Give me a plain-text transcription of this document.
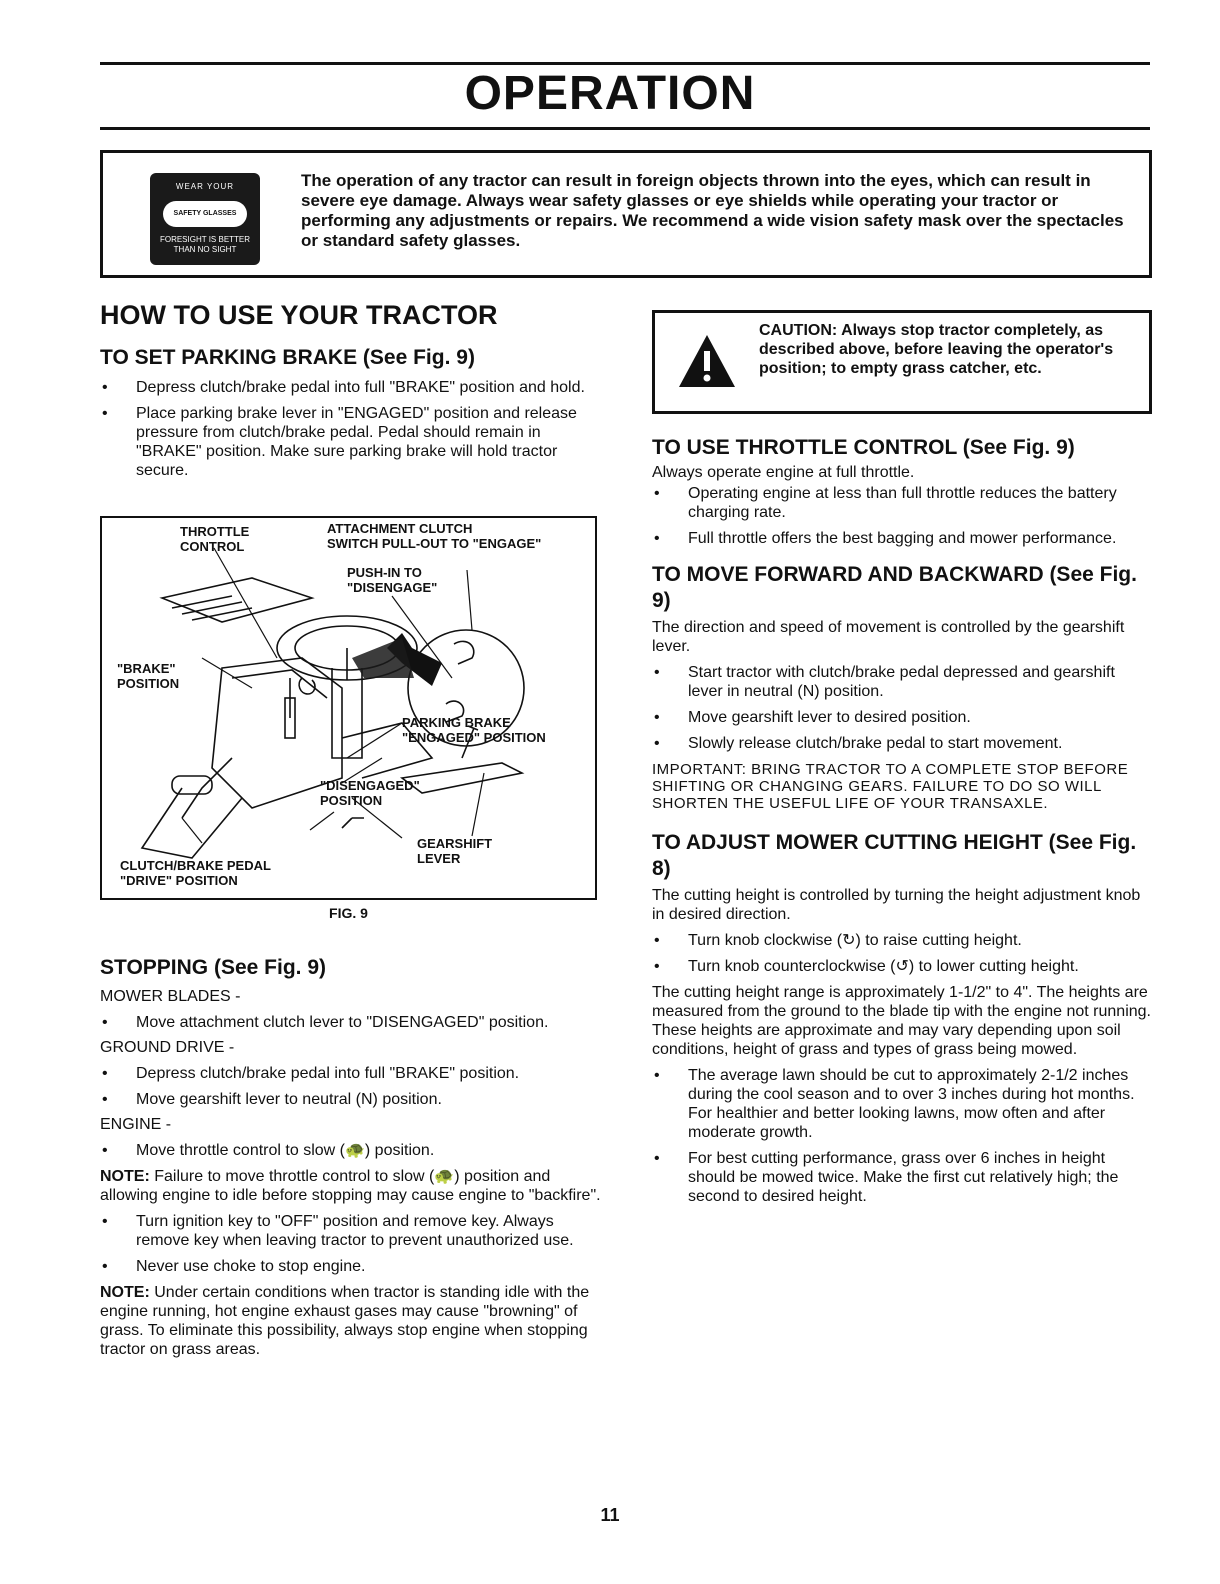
OPERATION
WEAR YOUR
SAFETY GLASSES
FORESIGHT IS BETTER THAN NO SIGHT
The operation of any tractor can result in foreign objects thrown into the eyes, which can result in severe eye damage. Always wear safety glasses or eye shields while operating your tractor or performing any adjustments or repairs. We recommend a wide vision safety mask over the spectacles or standard safety glasses.
HOW TO USE YOUR TRACTOR
TO SET PARKING BRAKE (See Fig. 9)
• Depress clutch/brake pedal into full "BRAKE" position and hold.
• Place parking brake lever in "ENGAGED" position and release pressure from clutch/brake pedal. Pedal should remain in "BRAKE" position. Make sure parking brake will hold tractor secure.
THROTTLE
CONTROL
ATTACHMENT CLUTCH
SWITCH PULL-OUT TO "ENGAGE"
PUSH-IN TO
"DISENGAGE"
"BRAKE"
POSITION
PARKING BRAKE
"ENGAGED" POSITION
"DISENGAGED"
POSITION
GEARSHIFT
LEVER
CLUTCH/BRAKE PEDAL
"DRIVE" POSITION
FIG. 9
STOPPING (See Fig. 9)

MOWER BLADES -

• Move attachment clutch lever to "DISENGAGED" position.

GROUND DRIVE -

• Depress clutch/brake pedal into full "BRAKE" position.
• Move gearshift lever to neutral (N) position.

ENGINE -

• Move throttle control to slow (🐢) position.

NOTE: Failure to move throttle control to slow (🐢) position and allowing engine to idle before stopping may cause engine to "backfire".

• Turn ignition key to "OFF" position and remove key. Always remove key when leaving tractor to prevent unauthorized use.
• Never use choke to stop engine.

NOTE: Under certain conditions when tractor is standing idle with the engine running, hot engine exhaust gases may cause "browning" of grass. To eliminate this possibility, always stop engine when stopping tractor on grass areas.

CAUTION: Always stop tractor completely, as described above, before leaving the operator's position; to empty grass catcher, etc.
TO USE THROTTLE CONTROL (See Fig. 9)

Always operate engine at full throttle.

• Operating engine at less than full throttle reduces the battery charging rate.
• Full throttle offers the best bagging and mower performance.
TO MOVE FORWARD AND BACKWARD (See Fig. 9)

The direction and speed of movement is controlled by the gearshift lever.

• Start tractor with clutch/brake pedal depressed and gearshift lever in neutral (N) position.
• Move gearshift lever to desired position.
• Slowly release clutch/brake pedal to start movement.

IMPORTANT: BRING TRACTOR TO A COMPLETE STOP BEFORE SHIFTING OR CHANGING GEARS. FAILURE TO DO SO WILL SHORTEN THE USEFUL LIFE OF YOUR TRANSAXLE.

TO ADJUST MOWER CUTTING HEIGHT (See Fig. 8)

The cutting height is controlled by turning the height adjustment knob in desired direction.

• Turn knob clockwise (↻) to raise cutting height.
• Turn knob counterclockwise (↺) to lower cutting height.

The cutting height range is approximately 1-1/2" to 4". The heights are measured from the ground to the blade tip with the engine not running. These heights are approximate and may vary depending upon soil conditions, height of grass and types of grass being mowed.

• The average lawn should be cut to approximately 2-1/2 inches during the cool season and to over 3 inches during hot months. For healthier and better looking lawns, mow often and after moderate growth.
• For best cutting performance, grass over 6 inches in height should be mowed twice. Make the first cut relatively high; the second to desired height.
11
